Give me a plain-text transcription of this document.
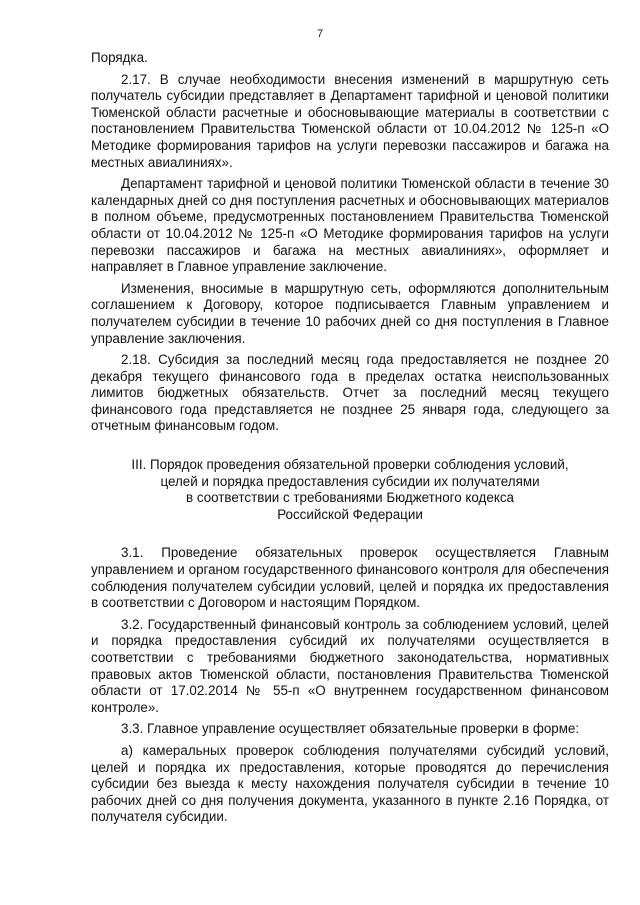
7

Порядка.

2.17. В случае необходимости внесения изменений в маршрутную сеть получатель субсидии представляет в Департамент тарифной и ценовой политики Тюменской области расчетные и обосновывающие материалы в соответствии с постановлением Правительства Тюменской области от 10.04.2012 № 125-п «О Методике формирования тарифов на услуги перевозки пассажиров и багажа на местных авиалиниях».

Департамент тарифной и ценовой политики Тюменской области в течение 30 календарных дней со дня поступления расчетных и обосновывающих материалов в полном объеме, предусмотренных постановлением Правительства Тюменской области от 10.04.2012 № 125-п «О Методике формирования тарифов на услуги перевозки пассажиров и багажа на местных авиалиниях», оформляет и направляет в Главное управление заключение.

Изменения, вносимые в маршрутную сеть, оформляются дополнительным соглашением к Договору, которое подписывается Главным управлением и получателем субсидии в течение 10 рабочих дней со дня поступления в Главное управление заключения.

2.18. Субсидия за последний месяц года предоставляется не позднее 20 декабря текущего финансового года в пределах остатка неиспользованных лимитов бюджетных обязательств. Отчет за последний месяц текущего финансового года представляется не позднее 25 января года, следующего за отчетным финансовым годом.

III. Порядок проведения обязательной проверки соблюдения условий,
целей и порядка предоставления субсидии их получателями
в соответствии с требованиями Бюджетного кодекса
Российской Федерации

3.1. Проведение обязательных проверок осуществляется Главным управлением и органом государственного финансового контроля для обеспечения соблюдения получателем субсидии условий, целей и порядка их предоставления в соответствии с Договором и настоящим Порядком.

3.2. Государственный финансовый контроль за соблюдением условий, целей и порядка предоставления субсидий их получателями осуществляется в соответствии с требованиями бюджетного законодательства, нормативных правовых актов Тюменской области, постановления Правительства Тюменской области от 17.02.2014 № 55-п «О внутреннем государственном финансовом контроле».

3.3. Главное управление осуществляет обязательные проверки в форме:

а) камеральных проверок соблюдения получателями субсидий условий, целей и порядка их предоставления, которые проводятся до перечисления субсидии без выезда к месту нахождения получателя субсидии в течение 10 рабочих дней со дня получения документа, указанного в пункте 2.16 Порядка, от получателя субсидии.
